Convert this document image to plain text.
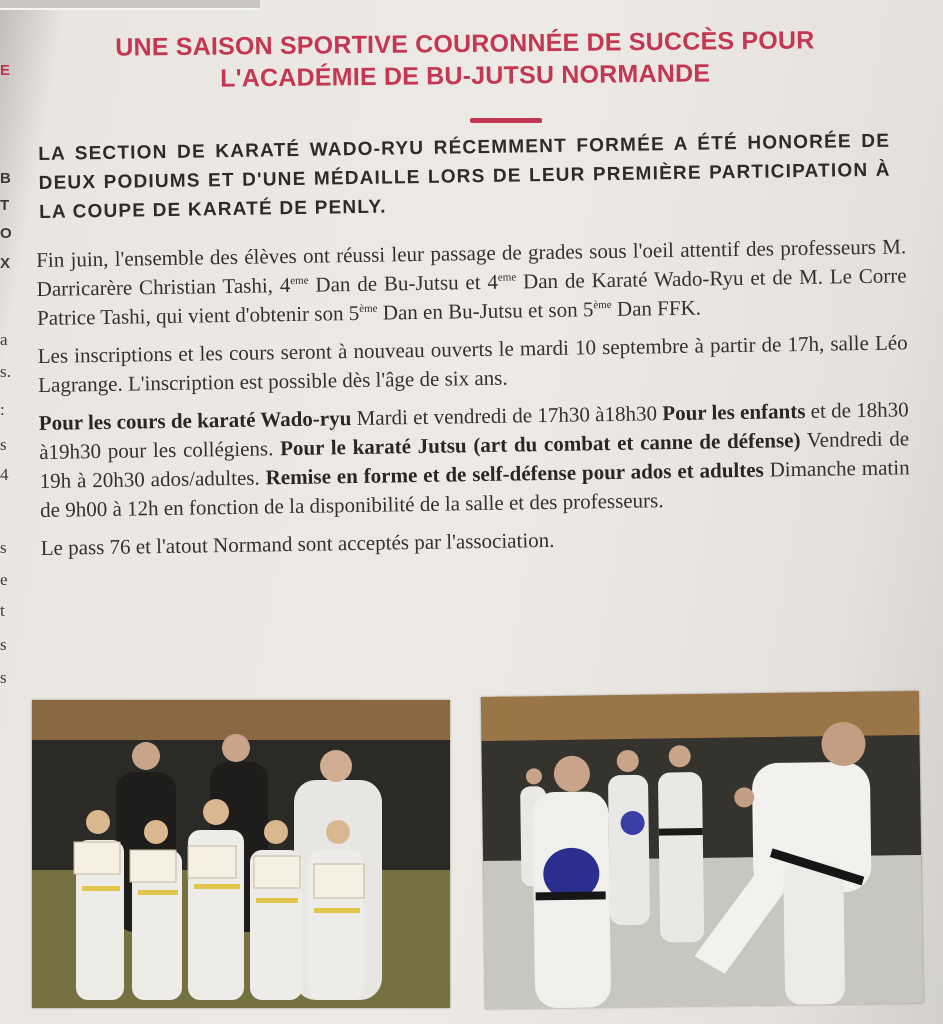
E
B
T
O
X
a
s.
:
s
4
s
e
t
s
s
UNE SAISON SPORTIVE COURONNÉE DE SUCCÈS POUR
L'ACADÉMIE DE BU-JUTSU NORMANDE
LA SECTION DE KARATÉ WADO-RYU RÉCEMMENT FORMÉE A ÉTÉ HONORÉE DE DEUX PODIUMS ET D'UNE MÉDAILLE LORS DE LEUR PREMIÈRE PARTICIPATION À LA COUPE DE KARATÉ DE PENLY.

Fin juin, l'ensemble des élèves ont réussi leur passage de grades sous l'oeil attentif des professeurs M. Darricarère Christian Tashi, 4eme Dan de Bu-Jutsu et 4eme Dan de Karaté Wado-Ryu et de M. Le Corre Patrice Tashi, qui vient d'obtenir son 5ème Dan en Bu-Jutsu et son 5ème Dan FFK.

Les inscriptions et les cours seront à nouveau ouverts le mardi 10 septembre à partir de 17h, salle Léo Lagrange. L'inscription est possible dès l'âge de six ans.

Pour les cours de karaté Wado-ryu Mardi et vendredi de 17h30 à18h30 Pour les enfants et de 18h30 à19h30 pour les collégiens. Pour le karaté Jutsu (art du combat et canne de défense) Vendredi de 19h à 20h30 ados/adultes. Remise en forme et de self-défense pour ados et adultes Dimanche matin de 9h00 à 12h en fonction de la disponibilité de la salle et des professeurs.

Le pass 76 et l'atout Normand sont acceptés par l'association.
